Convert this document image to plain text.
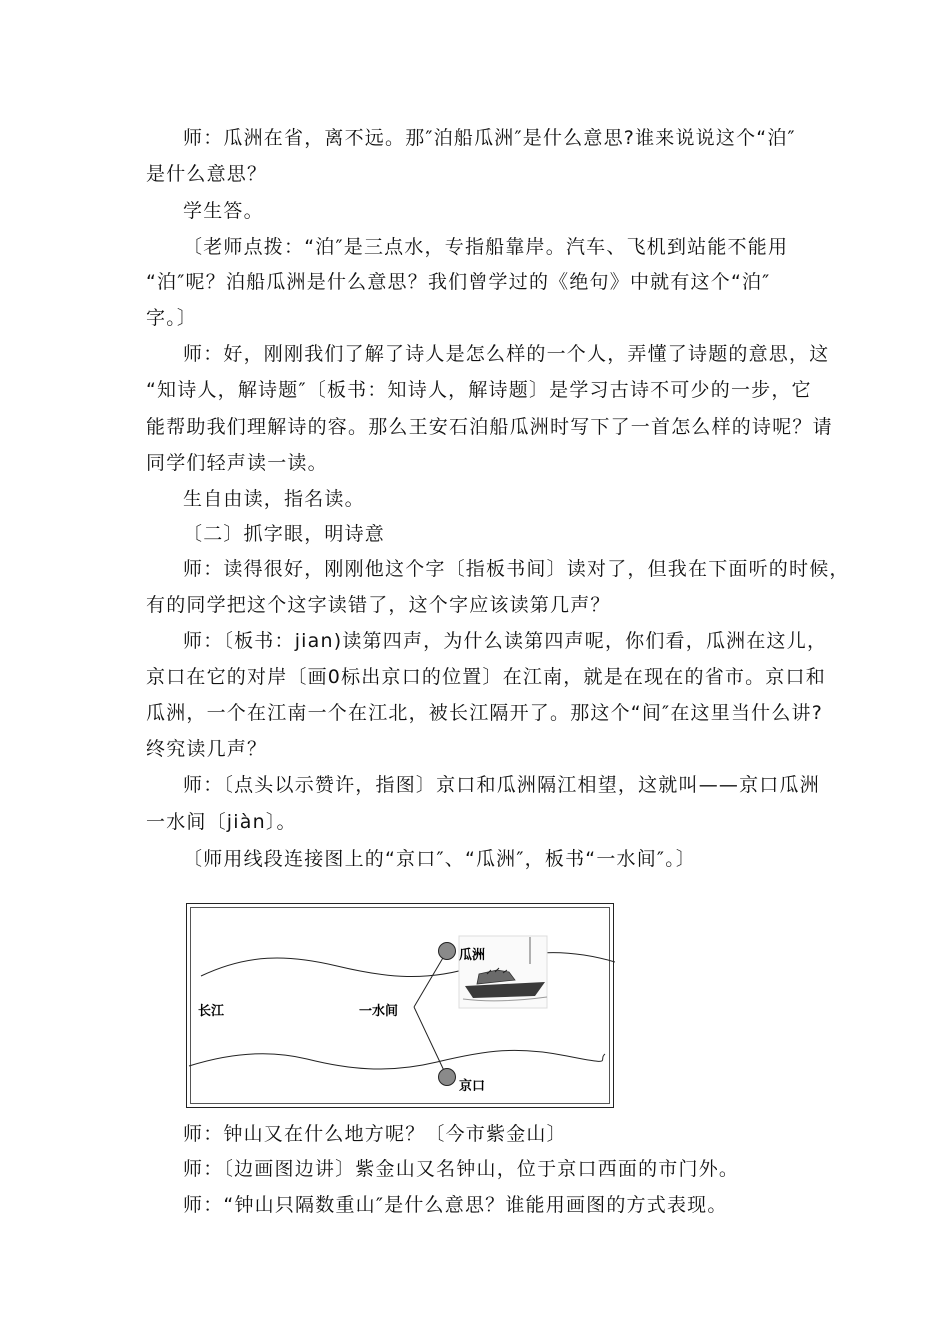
师：瓜洲在省，离不远。那″泊船瓜洲″是什么意思?谁来说说这个“泊″
是什么意思？
学生答。
〔老师点拨：“泊″是三点水，专指船靠岸。汽车、飞机到站能不能用
“泊″呢？泊船瓜洲是什么意思？我们曾学过的《绝句》中就有这个“泊″
字。〕
师：好，刚刚我们了解了诗人是怎么样的一个人，弄懂了诗题的意思，这
“知诗人，解诗题″〔板书：知诗人，解诗题〕是学习古诗不可少的一步，它
能帮助我们理解诗的容。那么王安石泊船瓜洲时写下了一首怎么样的诗呢？请
同学们轻声读一读。
生自由读，指名读。
〔二〕抓字眼，明诗意
师：读得很好，刚刚他这个字〔指板书间〕读对了，但我在下面听的时候，
有的同学把这个这字读错了，这个字应该读第几声？
师：〔板书：jian)读第四声，为什么读第四声呢，你们看，瓜洲在这儿，
京口在它的对岸〔画0标出京口的位置〕在江南，就是在现在的省市。京口和
瓜洲，一个在江南一个在江北，被长江隔开了。那这个“间″在这里当什么讲?
终究读几声？
师：〔点头以示赞许，指图〕京口和瓜洲隔江相望，这就叫——京口瓜洲
一水间〔jiàn〕。
〔师用线段连接图上的“京口″、“瓜洲″，板书“一水间″。〕
长江	一水间
瓜洲
京口
师：钟山又在什么地方呢？〔今市紫金山〕
师：〔边画图边讲〕紫金山又名钟山，位于京口西面的市门外。
师：“钟山只隔数重山″是什么意思？谁能用画图的方式表现。
